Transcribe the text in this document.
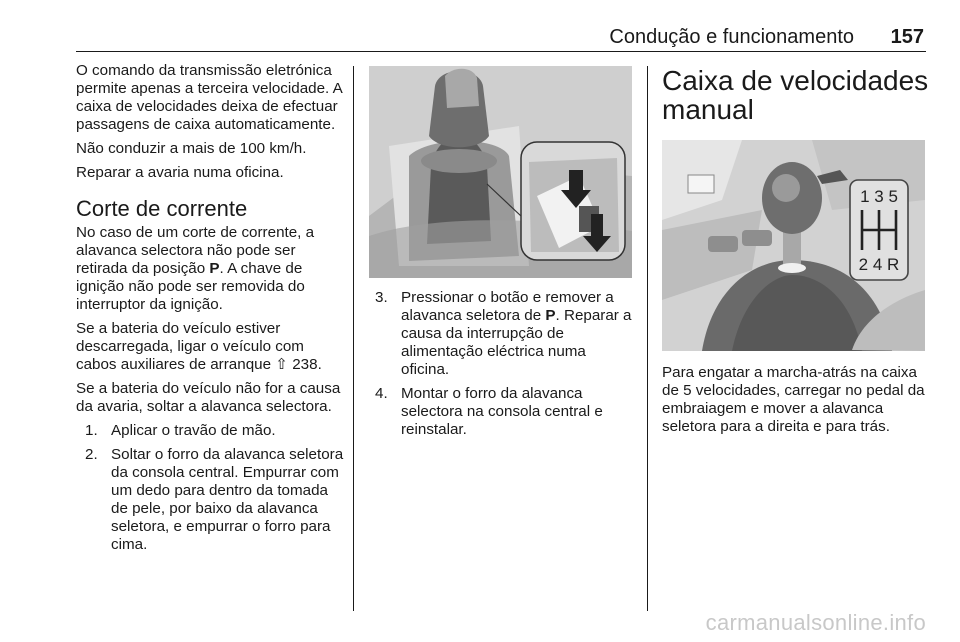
Condução e funcionamento 157

O comando da transmissão eletrónica permite apenas a terceira velocidade. A caixa de velocidades deixa de efectuar passagens de caixa automaticamente.

Não conduzir a mais de 100 km/h.

Reparar a avaria numa oficina.

Corte de corrente

No caso de um corte de corrente, a alavanca selectora não pode ser retirada da posição P. A chave de ignição não pode ser removida do interruptor da ignição.

Se a bateria do veículo estiver descarregada, ligar o veículo com cabos auxiliares de arranque ⇧ 238.

Se a bateria do veículo não for a causa da avaria, soltar a alavanca selectora.

1. Aplicar o travão de mão.
2. Soltar o forro da alavanca seletora da consola central. Empurrar com um dedo para dentro da tomada de pele, por baixo da alavanca seletora, e empurrar o forro para cima.
3. Pressionar o botão e remover a alavanca seletora de P. Reparar a causa da interrupção de alimentação eléctrica numa oficina.
4. Montar o forro da alavanca selectora na consola central e reinstalar.
Caixa de velocidades manual
1 3 5
2 4 R

Para engatar a marcha-atrás na caixa de 5 velocidades, carregar no pedal da embraiagem e mover a alavanca seletora para a direita e para trás.

carmanualsonline.info
